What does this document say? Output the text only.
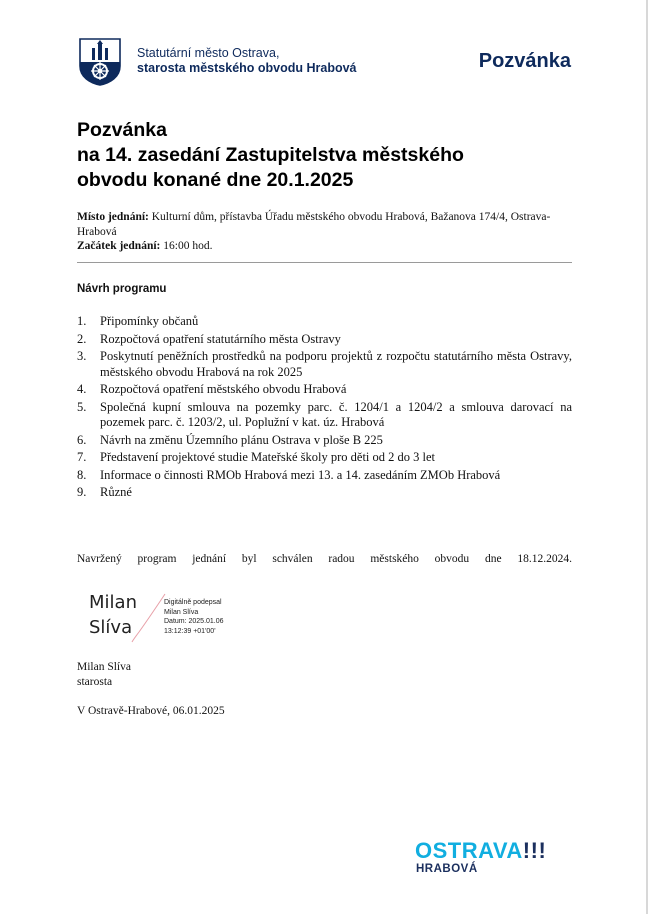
Statutární město Ostrava,
starosta městského obvodu Hrabová	Pozvánka
Pozvánka
na 14. zasedání Zastupitelstva městského
obvodu konané dne 20.1.2025
Místo jednání: Kulturní dům, přístavba Úřadu městského obvodu Hrabová, Bažanova 174/4, Ostrava-Hrabová
Začátek jednání: 16:00 hod.
Návrh programu
1. Připomínky občanů
2. Rozpočtová opatření statutárního města Ostravy
3. Poskytnutí peněžních prostředků na podporu projektů z rozpočtu statutárního města Ostravy, městského obvodu Hrabová na rok 2025
4. Rozpočtová opatření městského obvodu Hrabová
5. Společná kupní smlouva na pozemky parc. č. 1204/1 a 1204/2 a smlouva darovací na pozemek parc. č. 1203/2, ul. Poplužní v kat. úz. Hrabová
6. Návrh na změnu Územního plánu Ostrava v ploše B 225
7. Představení projektové studie Mateřské školy pro děti od 2 do 3 let
8. Informace o činnosti RMOb Hrabová mezi 13. a 14. zasedáním ZMOb Hrabová
9. Různé

Navržený program jednání byl schválen radou městského obvodu dne 18.12.2024.

Milan
Slíva
Digitálně podepsal
Milan Slíva
Datum: 2025.01.06
13:12:39 +01'00'
Milan Slíva
starosta
V Ostravě-Hrabové, 06.01.2025
OSTRAVA!!!
HRABOVÁ
